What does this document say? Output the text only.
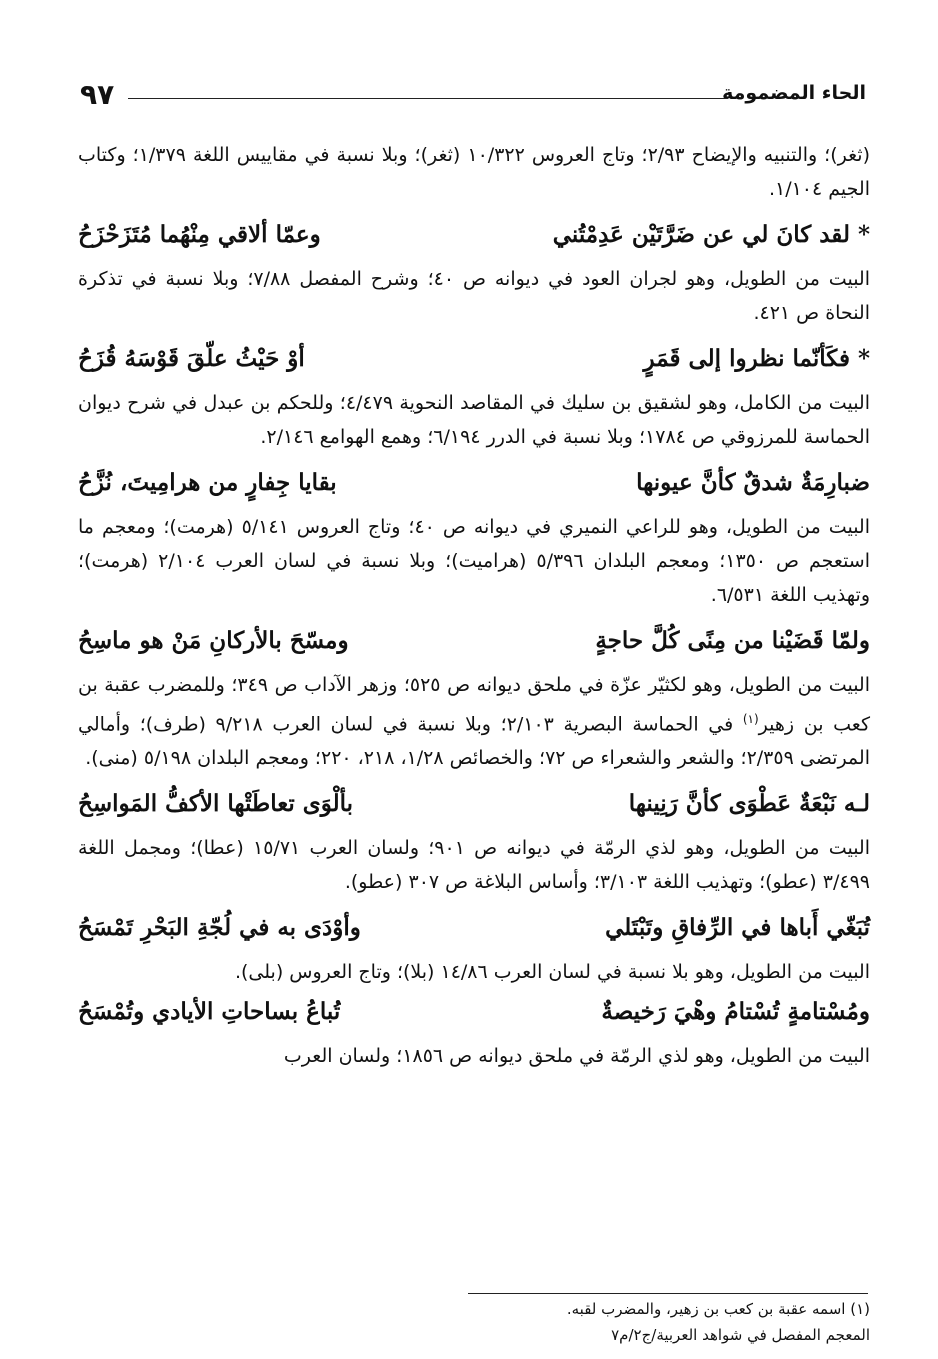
الحاء المضمومة
٩٧

(ثغر)؛ والتنبيه والإيضاح ٢/٩٣؛ وتاج العروس ١٠/٣٢٢ (ثغر)؛ وبلا نسبة في مقاييس اللغة ١/٣٧٩؛ وكتاب الجيم ١/١٠٤.

* لقد كانَ لي عن ضَرَّتَيْن عَدِمْتُني
وعمّا ألاقي مِنْهُما مُتَزَحْزَحُ

البيت من الطويل، وهو لجران العود في ديوانه ص ٤٠؛ وشرح المفصل ٧/٨٨؛ وبلا نسبة في تذكرة النحاة ص ٤٢١.

* فكَأنّما نظروا إلى قَمَرٍ
أوْ حَيْثُ علّقَ قَوْسَهُ قُزَحُ

البيت من الكامل، وهو لشقيق بن سليك في المقاصد النحوية ٤/٤٧٩؛ وللحكم بن عبدل في شرح ديوان الحماسة للمرزوقي ص ١٧٨٤؛ وبلا نسبة في الدرر ٦/١٩٤؛ وهمع الهوامع ٢/١٤٦.

ضبارِمَةٌ شدقٌ كأنَّ عيونها
بقايا جِفارٍ من هرامِيتَ، نُزَّحُ

البيت من الطويل، وهو للراعي النميري في ديوانه ص ٤٠؛ وتاج العروس ٥/١٤١ (هرمت)؛ ومعجم ما استعجم ص ١٣٥٠؛ ومعجم البلدان ٥/٣٩٦ (هراميت)؛ وبلا نسبة في لسان العرب ٢/١٠٤ (هرمت)؛ وتهذيب اللغة ٦/٥٣١.

ولمّا قَضَيْنا من مِنًى كُلَّ حاجةٍ
ومسّحَ بالأركانِ مَنْ هو ماسِحُ

البيت من الطويل، وهو لكثيّر عزّة في ملحق ديوانه ص ٥٢٥؛ وزهر الآداب ص ٣٤٩؛ وللمضرب عقبة بن كعب بن زهير$^{(١)}$ في الحماسة البصرية ٢/١٠٣؛ وبلا نسبة في لسان العرب ٩/٢١٨ (طرف)؛ وأمالي المرتضى ٢/٣٥٩؛ والشعر والشعراء ص ٧٢؛ والخصائص ١/٢٨، ٢١٨، ٢٢٠؛ ومعجم البلدان ٥/١٩٨ (منى).

لـه نَبْعَةٌ عَطْوَى كأنَّ رَنِينها
بألْوَى تعاطَتْها الأكفُّ المَواسِحُ

البيت من الطويل، وهو لذي الرمّة في ديوانه ص ٩٠١؛ ولسان العرب ١٥/٧١ (عطا)؛ ومجمل اللغة ٣/٤٩٩ (عطو)؛ وتهذيب اللغة ٣/١٠٣؛ وأساس البلاغة ص ٣٠٧ (عطو).

تُبَغّي أَباها في الرِّفاقِ وتَبْتَلي
وأوْدَى به في لُجّةِ البَحْرِ تَمْسَحُ

البيت من الطويل، وهو بلا نسبة في لسان العرب ١٤/٨٦ (بلا)؛ وتاج العروس (بلى).

ومُسْتامةٍ تُسْتامُ وهْيَ رَخيصةٌ
تُباعُ بساحاتِ الأيادي وتُمْسَحُ

البيت من الطويل، وهو لذي الرمّة في ملحق ديوانه ص ١٨٥٦؛ ولسان العرب

(١) اسمه عقبة بن كعب بن زهير، والمضرب لقبه.
المعجم المفصل في شواهد العربية/ج٢/م٧
